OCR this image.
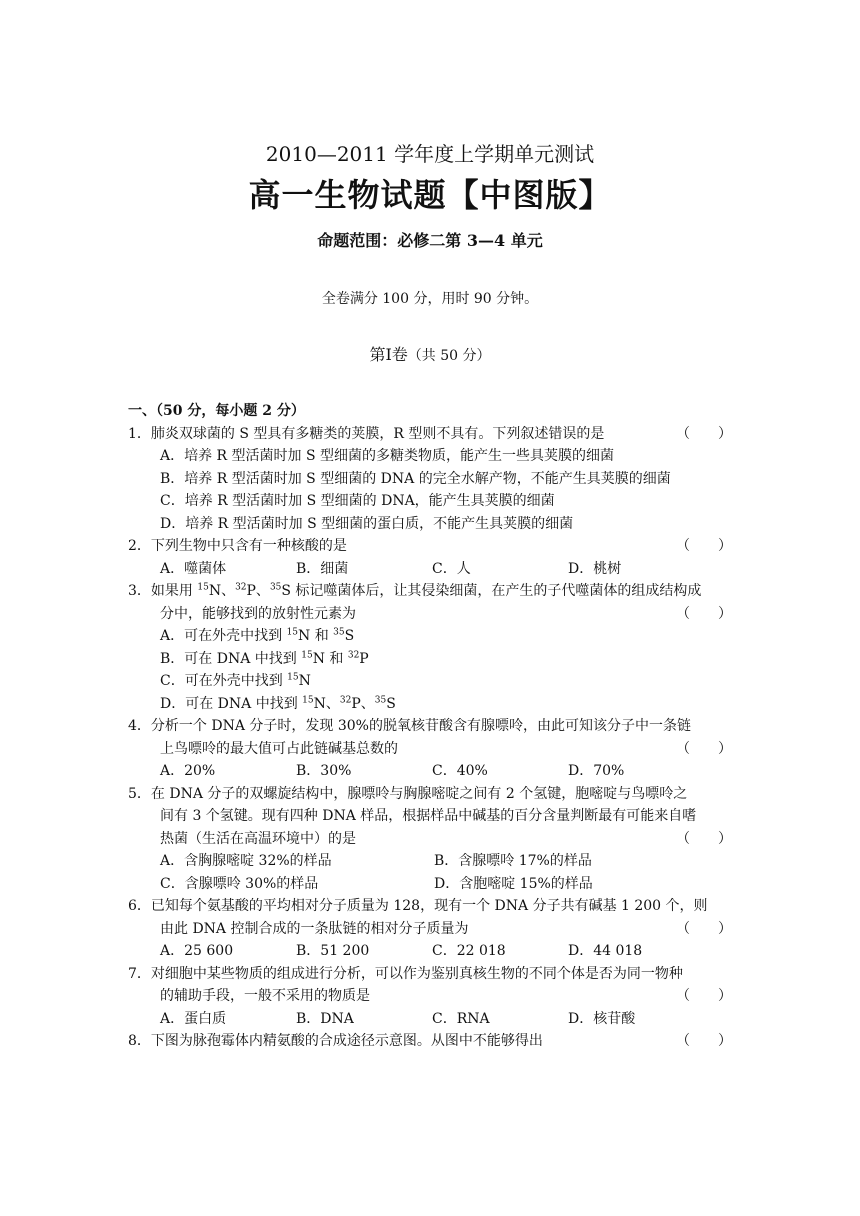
2010—2011 学年度上学期单元测试
高一生物试题【中图版】
命题范围：必修二第 3—4 单元
全卷满分 100 分，用时 90 分钟。
第Ⅰ卷（共 50 分）
一、（50 分，每小题 2 分）
1．肺炎双球菌的 S 型具有多糖类的荚膜，R 型则不具有。下列叙述错误的是	（　　）
A．培养 R 型活菌时加 S 型细菌的多糖类物质，能产生一些具荚膜的细菌
B．培养 R 型活菌时加 S 型细菌的 DNA 的完全水解产物，不能产生具荚膜的细菌
C．培养 R 型活菌时加 S 型细菌的 DNA，能产生具荚膜的细菌
D．培养 R 型活菌时加 S 型细菌的蛋白质，不能产生具荚膜的细菌
2．下列生物中只含有一种核酸的是	（　　）
A．噬菌体	B．细菌	C．人	D．桃树
3．如果用 $^{15}$N、$^{32}$P、$^{35}$S 标记噬菌体后，让其侵染细菌，在产生的子代噬菌体的组成结构成
分中，能够找到的放射性元素为	（　　）
A．可在外壳中找到 $^{15}$N 和 $^{35}$S
B．可在 DNA 中找到 $^{15}$N 和 $^{32}$P
C．可在外壳中找到 $^{15}$N
D．可在 DNA 中找到 $^{15}$N、$^{32}$P、$^{35}$S
4．分析一个 DNA 分子时，发现 30%的脱氧核苷酸含有腺嘌呤，由此可知该分子中一条链
上鸟嘌呤的最大值可占此链碱基总数的	（　　）
A．20%	B．30%	C．40%	D．70%
5．在 DNA 分子的双螺旋结构中，腺嘌呤与胸腺嘧啶之间有 2 个氢键，胞嘧啶与鸟嘌呤之
间有 3 个氢键。现有四种 DNA 样品，根据样品中碱基的百分含量判断最有可能来自嗜
热菌（生活在高温环境中）的是	（　　）
A．含胸腺嘧啶 32%的样品	B．含腺嘌呤 17%的样品
C．含腺嘌呤 30%的样品	D．含胞嘧啶 15%的样品
6．已知每个氨基酸的平均相对分子质量为 128，现有一个 DNA 分子共有碱基 1 200 个，则
由此 DNA 控制合成的一条肽链的相对分子质量为	（　　）
A．25 600	B．51 200	C．22 018	D．44 018
7．对细胞中某些物质的组成进行分析，可以作为鉴别真核生物的不同个体是否为同一物种
的辅助手段，一般不采用的物质是	（　　）
A．蛋白质	B．DNA	C．RNA	D．核苷酸
8．下图为脉孢霉体内精氨酸的合成途径示意图。从图中不能够得出	（　　）
